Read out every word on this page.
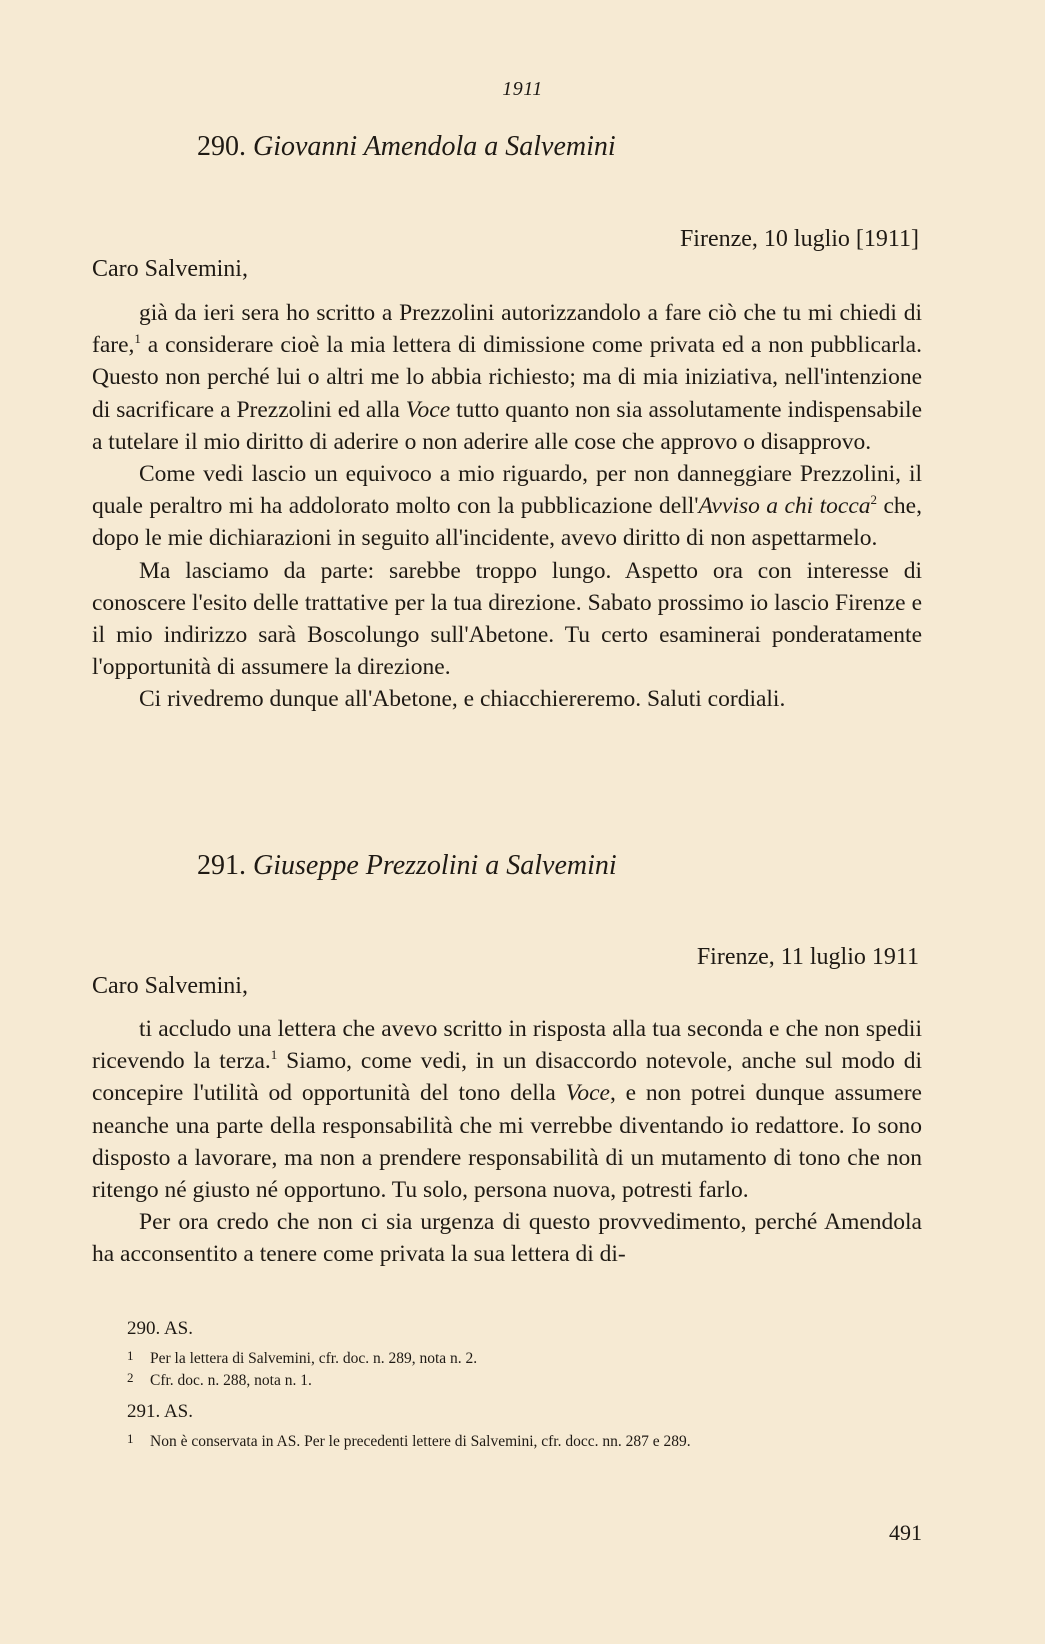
1911
290. Giovanni Amendola a Salvemini
Firenze, 10 luglio [1911]
Caro Salvemini,

già da ieri sera ho scritto a Prezzolini autorizzandolo a fare ciò che tu mi chiedi di fare,$^1$ a considerare cioè la mia lettera di dimissione come privata ed a non pubblicarla. Questo non perché lui o altri me lo abbia richiesto; ma di mia iniziativa, nell'intenzione di sacrificare a Prezzolini ed alla Voce tutto quanto non sia assolutamente indispensabile a tutelare il mio diritto di aderire o non aderire alle cose che approvo o disapprovo.

Come vedi lascio un equivoco a mio riguardo, per non danneggiare Prezzolini, il quale peraltro mi ha addolorato molto con la pubblicazione dell'Avviso a chi tocca$^2$ che, dopo le mie dichiarazioni in seguito all'incidente, avevo diritto di non aspettarmelo.

Ma lasciamo da parte: sarebbe troppo lungo. Aspetto ora con interesse di conoscere l'esito delle trattative per la tua direzione. Sabato prossimo io lascio Firenze e il mio indirizzo sarà Boscolungo sull'Abetone. Tu certo esaminerai ponderatamente l'opportunità di assumere la direzione.

Ci rivedremo dunque all'Abetone, e chiacchiereremo. Saluti cordiali.

291. Giuseppe Prezzolini a Salvemini
Firenze, 11 luglio 1911
Caro Salvemini,

ti accludo una lettera che avevo scritto in risposta alla tua seconda e che non spedii ricevendo la terza.$^1$ Siamo, come vedi, in un disaccordo notevole, anche sul modo di concepire l'utilità od opportunità del tono della Voce, e non potrei dunque assumere neanche una parte della responsabilità che mi verrebbe diventando io redattore. Io sono disposto a lavorare, ma non a prendere responsabilità di un mutamento di tono che non ritengo né giusto né opportuno. Tu solo, persona nuova, potresti farlo.

Per ora credo che non ci sia urgenza di questo provvedimento, perché Amendola ha acconsentito a tenere come privata la sua lettera di di-

290. AS.

1 Per la lettera di Salvemini, cfr. doc. n. 289, nota n. 2.

2 Cfr. doc. n. 288, nota n. 1.

291. AS.

1 Non è conservata in AS. Per le precedenti lettere di Salvemini, cfr. docc. nn. 287 e 289.

491
